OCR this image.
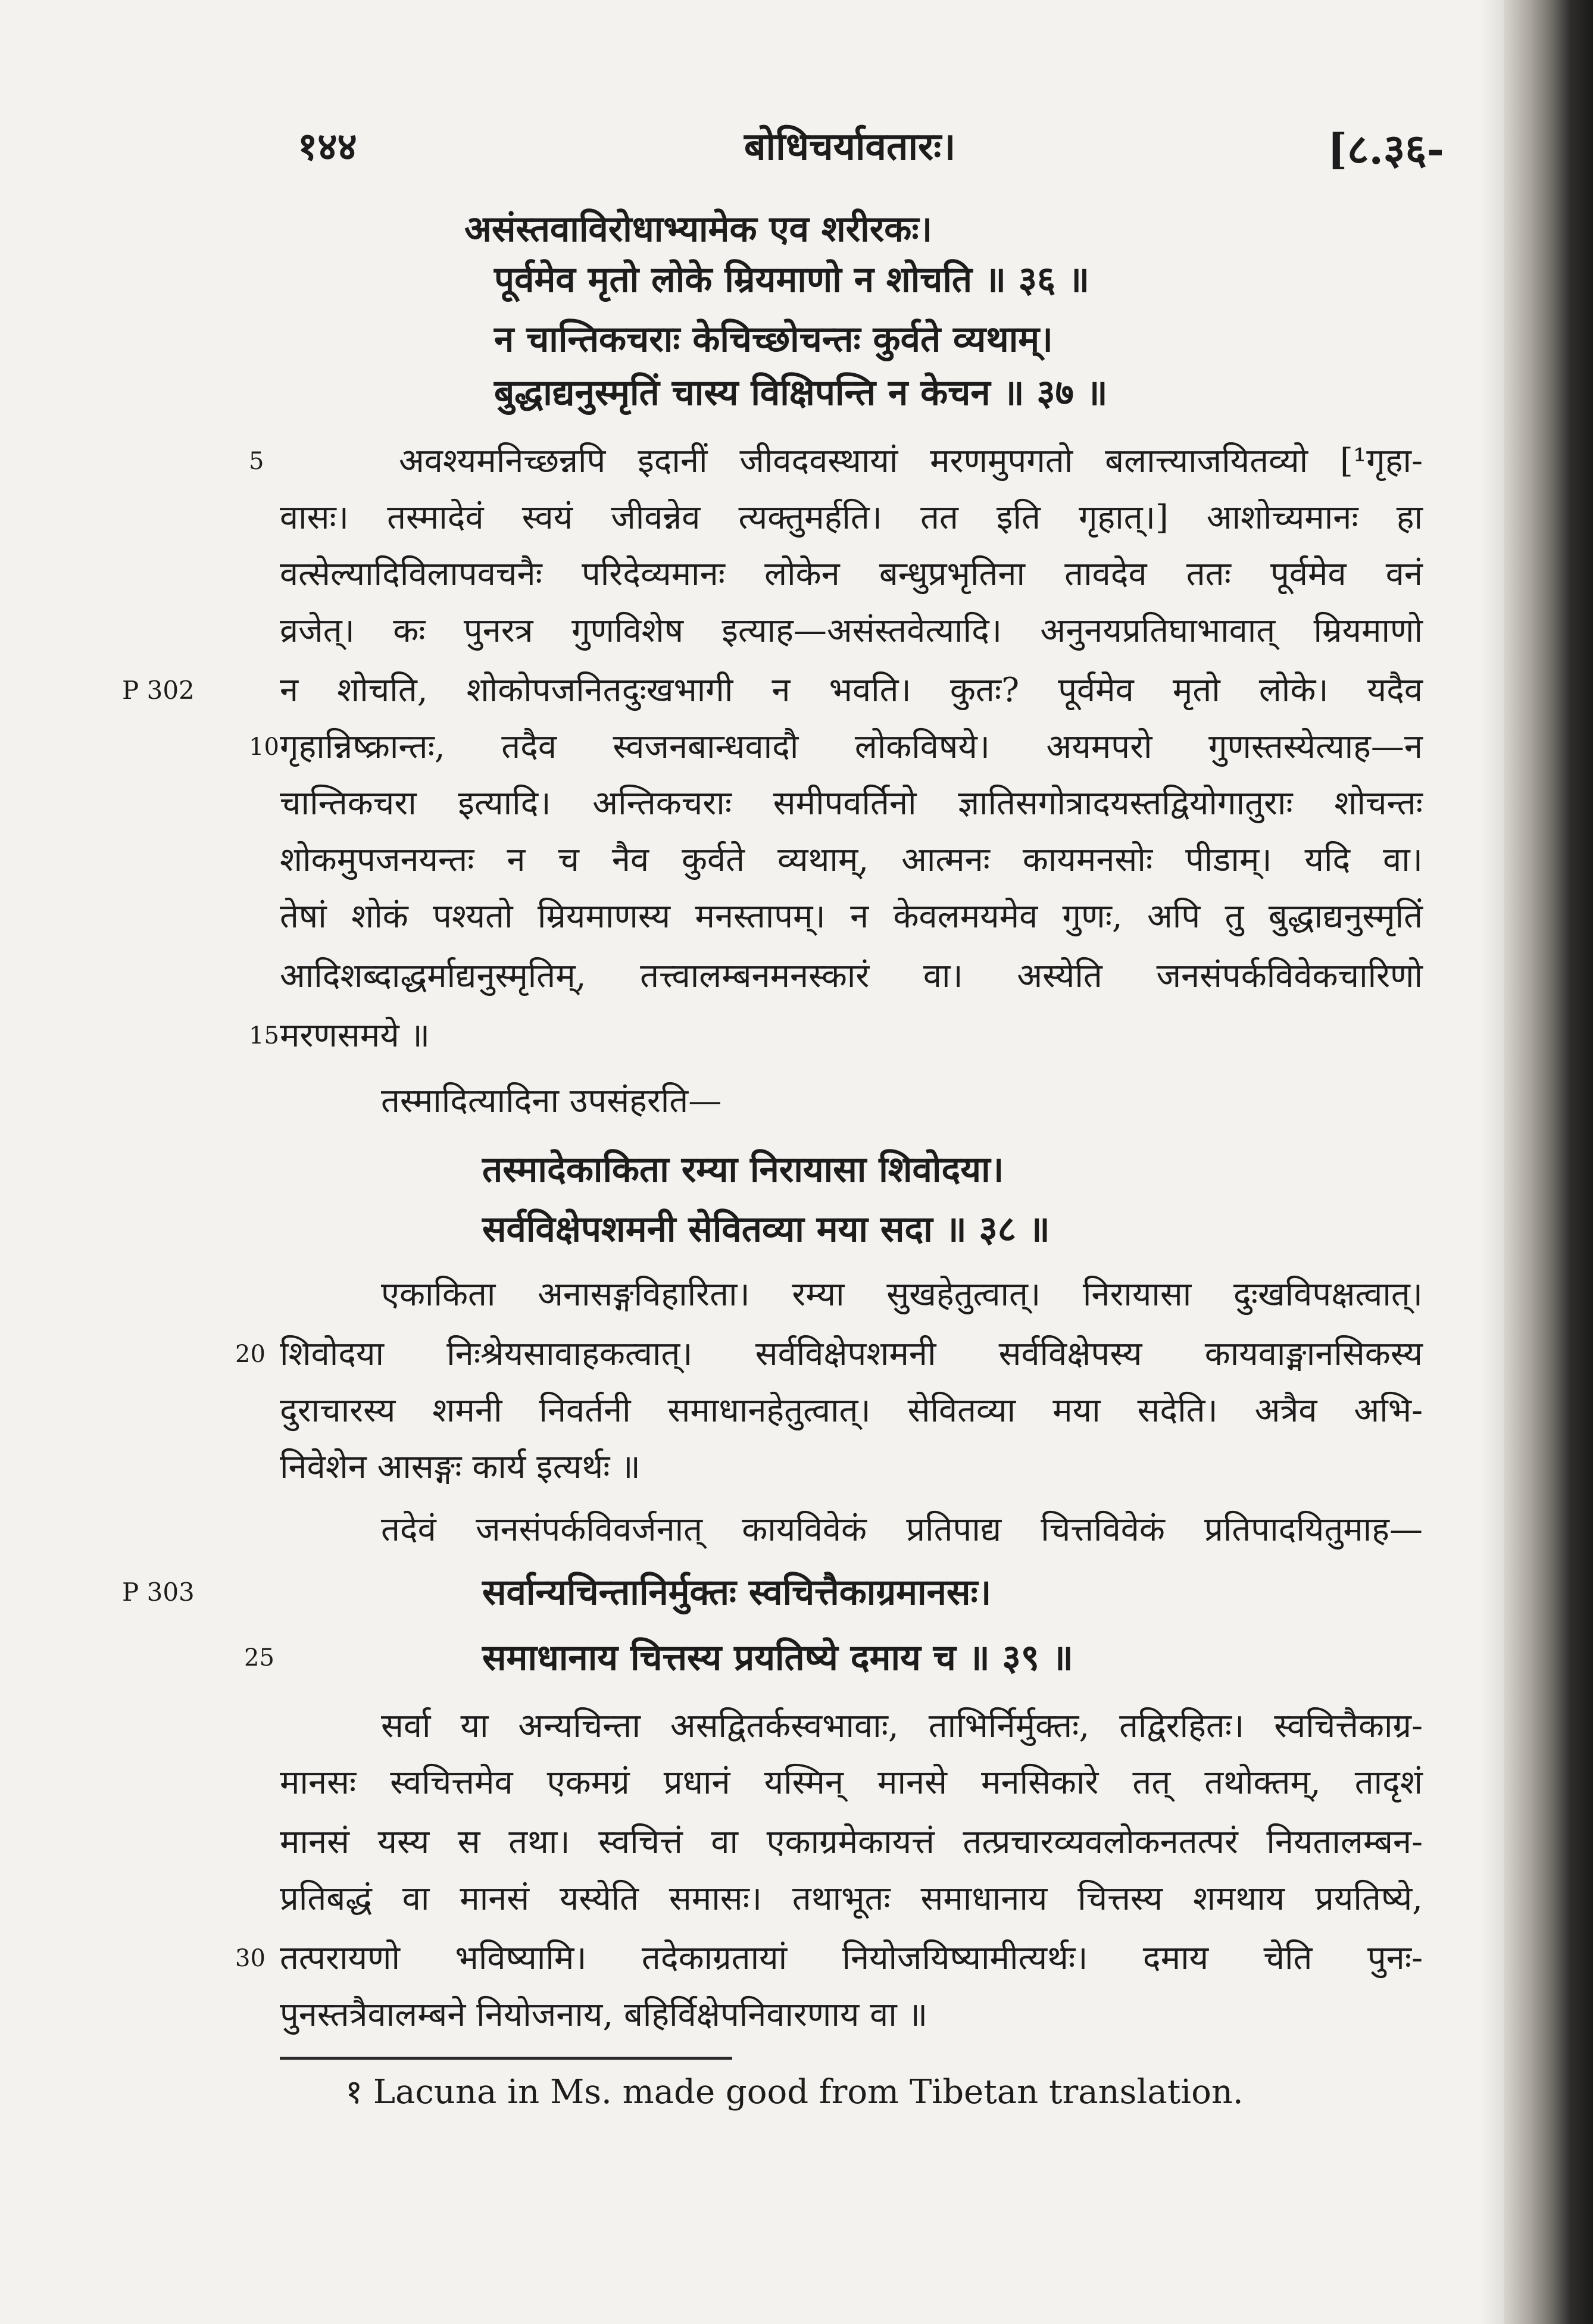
१४४	बोधिचर्यावतारः।	[८.३६-
असंस्तवाविरोधाभ्यामेक एव शरीरकः।
पूर्वमेव मृतो लोके म्रियमाणो न शोचति ॥ ३६ ॥
न चान्तिकचराः केचिच्छोचन्तः कुर्वते व्यथाम्।
बुद्धाद्यनुस्मृतिं चास्य विक्षिपन्ति न केचन ॥ ३७ ॥
5	अवश्यमनिच्छन्नपि इदानीं जीवदवस्थायां मरणमुपगतो बलात्त्याजयितव्यो [¹गृहा-
वासः। तस्मादेवं स्वयं जीवन्नेव त्यक्तुमर्हति। तत इति गृहात्।] आशोच्यमानः हा
वत्सेल्यादिविलापवचनैः परिदेव्यमानः लोकेन बन्धुप्रभृतिना तावदेव ततः पूर्वमेव वनं
व्रजेत्। कः पुनरत्र गुणविशेष इत्याह—असंस्तवेत्यादि। अनुनयप्रतिघाभावात् म्रियमाणो
P 302	न शोचति, शोकोपजनितदुःखभागी न भवति। कुतः? पूर्वमेव मृतो लोके। यदैव
10 गृहान्निष्क्रान्तः, तदैव स्वजनबान्धवादौ लोकविषये। अयमपरो गुणस्तस्येत्याह—न
चान्तिकचरा इत्यादि। अन्तिकचराः समीपवर्तिनो ज्ञातिसगोत्रादयस्तद्वियोगातुराः शोचन्तः
शोकमुपजनयन्तः न च नैव कुर्वते व्यथाम्, आत्मनः कायमनसोः पीडाम्। यदि वा।
तेषां शोकं पश्यतो म्रियमाणस्य मनस्तापम्। न केवलमयमेव गुणः, अपि तु बुद्धाद्यनुस्मृतिं
आदिशब्दाद्धर्माद्यनुस्मृतिम्, तत्त्वालम्बनमनस्कारं वा। अस्येति जनसंपर्कविवेकचारिणो
15 मरणसमये ॥
तस्मादित्यादिना उपसंहरति—
तस्मादेकाकिता रम्या निरायासा शिवोदया।
सर्वविक्षेपशमनी सेवितव्या मया सदा ॥ ३८ ॥
एकाकिता अनासङ्गविहारिता। रम्या सुखहेतुत्वात्। निरायासा दुःखविपक्षत्वात्।
20 शिवोदया निःश्रेयसावाहकत्वात्। सर्वविक्षेपशमनी सर्वविक्षेपस्य कायवाङ्मानसिकस्य
दुराचारस्य शमनी निवर्तनी समाधानहेतुत्वात्। सेवितव्या मया सदेति। अत्रैव अभि-
निवेशेन आसङ्गः कार्य इत्यर्थः ॥
तदेवं जनसंपर्कविवर्जनात् कायविवेकं प्रतिपाद्य चित्तविवेकं प्रतिपादयितुमाह—
P 303	सर्वान्यचिन्तानिर्मुक्तः स्वचित्तैकाग्रमानसः।
25	समाधानाय चित्तस्य प्रयतिष्ये दमाय च ॥ ३९ ॥
सर्वा या अन्यचिन्ता असद्वितर्कस्वभावाः, ताभिर्निर्मुक्तः, तद्विरहितः। स्वचित्तैकाग्र-
मानसः स्वचित्तमेव एकमग्रं प्रधानं यस्मिन् मानसे मनसिकारे तत् तथोक्तम्, तादृशं
मानसं यस्य स तथा। स्वचित्तं वा एकाग्रमेकायत्तं तत्प्रचारव्यवलोकनतत्परं नियतालम्बन-
प्रतिबद्धं वा मानसं यस्येति समासः। तथाभूतः समाधानाय चित्तस्य शमथाय प्रयतिष्ये,
30 तत्परायणो भविष्यामि। तदेकाग्रतायां नियोजयिष्यामीत्यर्थः। दमाय चेति पुनः-
पुनस्तत्रैवालम्बने नियोजनाय, बहिर्विक्षेपनिवारणाय वा ॥
१ Lacuna in Ms. made good from Tibetan translation.
